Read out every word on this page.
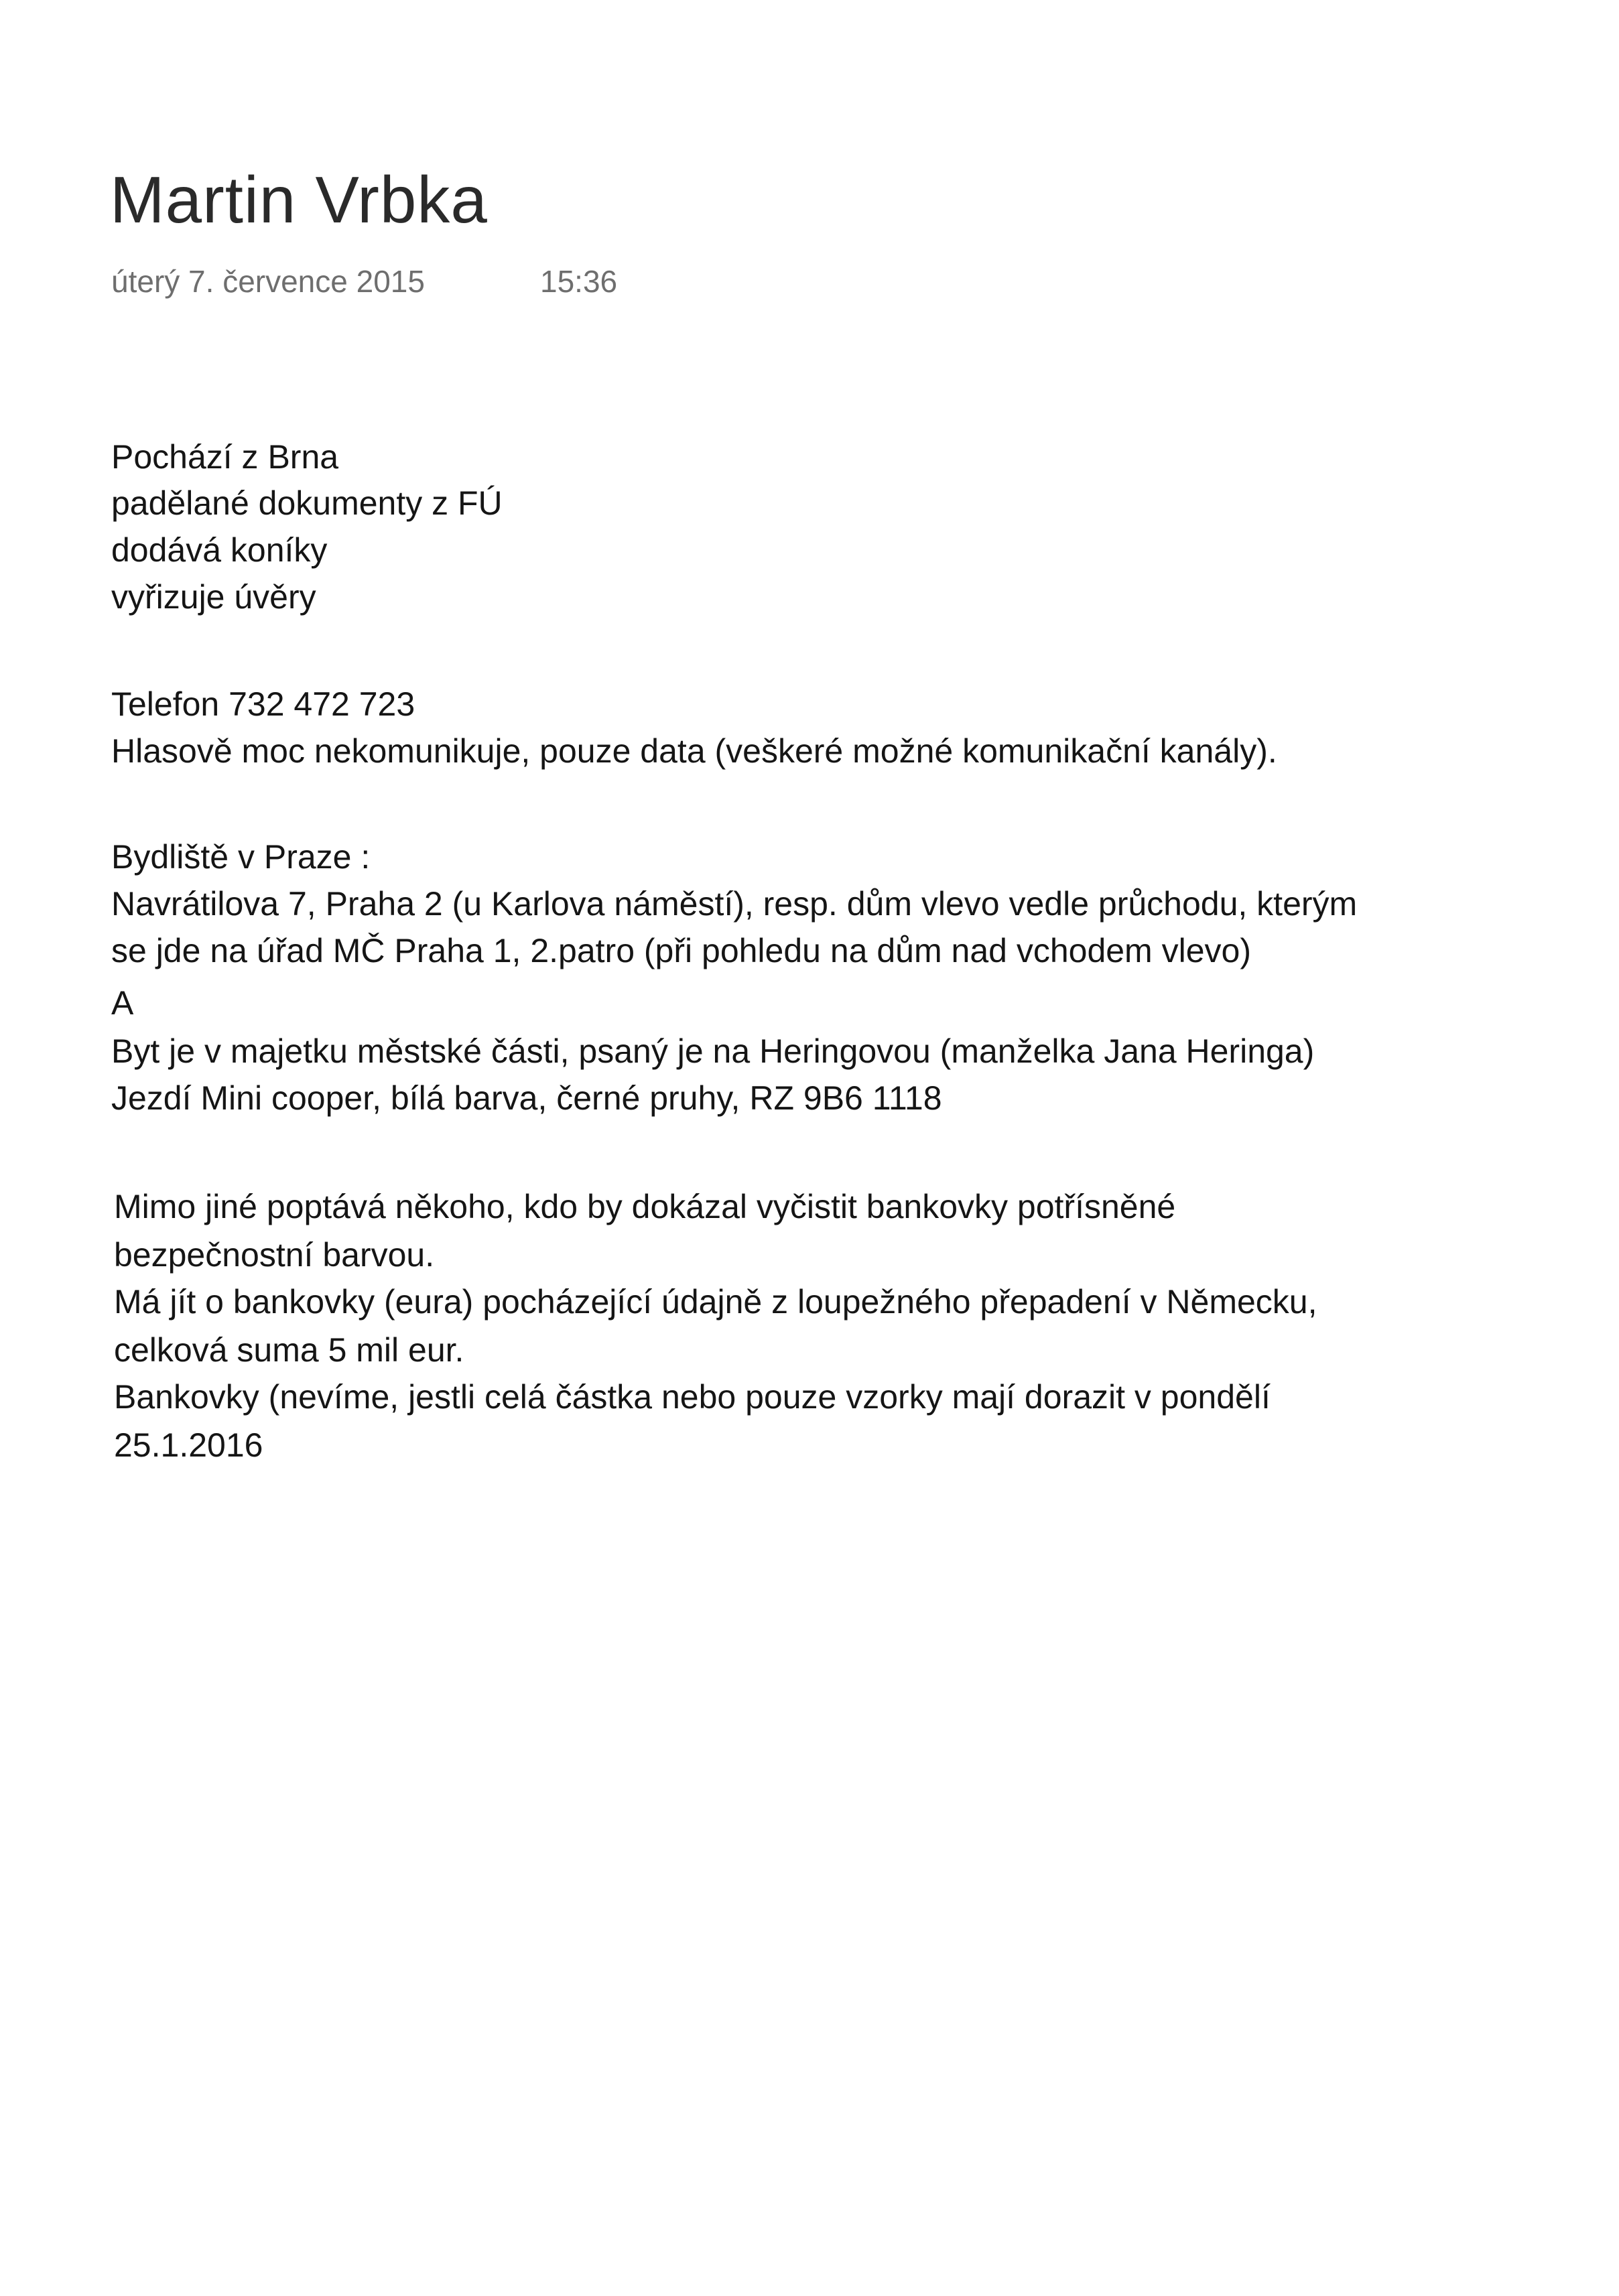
Martin Vrbka
úterý 7. července 2015	15:36
Pochází z Brna
padělané dokumenty z FÚ
dodává koníky
vyřizuje úvěry
Telefon 732 472 723
Hlasově moc nekomunikuje, pouze data (veškeré možné komunikační kanály).
Bydliště v Praze :
Navrátilova 7, Praha 2 (u Karlova náměstí), resp. dům vlevo vedle průchodu, kterým
se jde na úřad MČ Praha 1, 2.patro (při pohledu na dům nad vchodem vlevo)
A
Byt je v majetku městské části, psaný je na Heringovou (manželka Jana Heringa)
Jezdí Mini cooper, bílá barva, černé pruhy, RZ 9B6 1118
Mimo jiné poptává někoho, kdo by dokázal vyčistit bankovky potřísněné
bezpečnostní barvou.
Má jít o bankovky (eura) pocházející údajně z loupežného přepadení v Německu,
celková suma 5 mil eur.
Bankovky (nevíme, jestli celá částka nebo pouze vzorky mají dorazit v pondělí
25.1.2016
